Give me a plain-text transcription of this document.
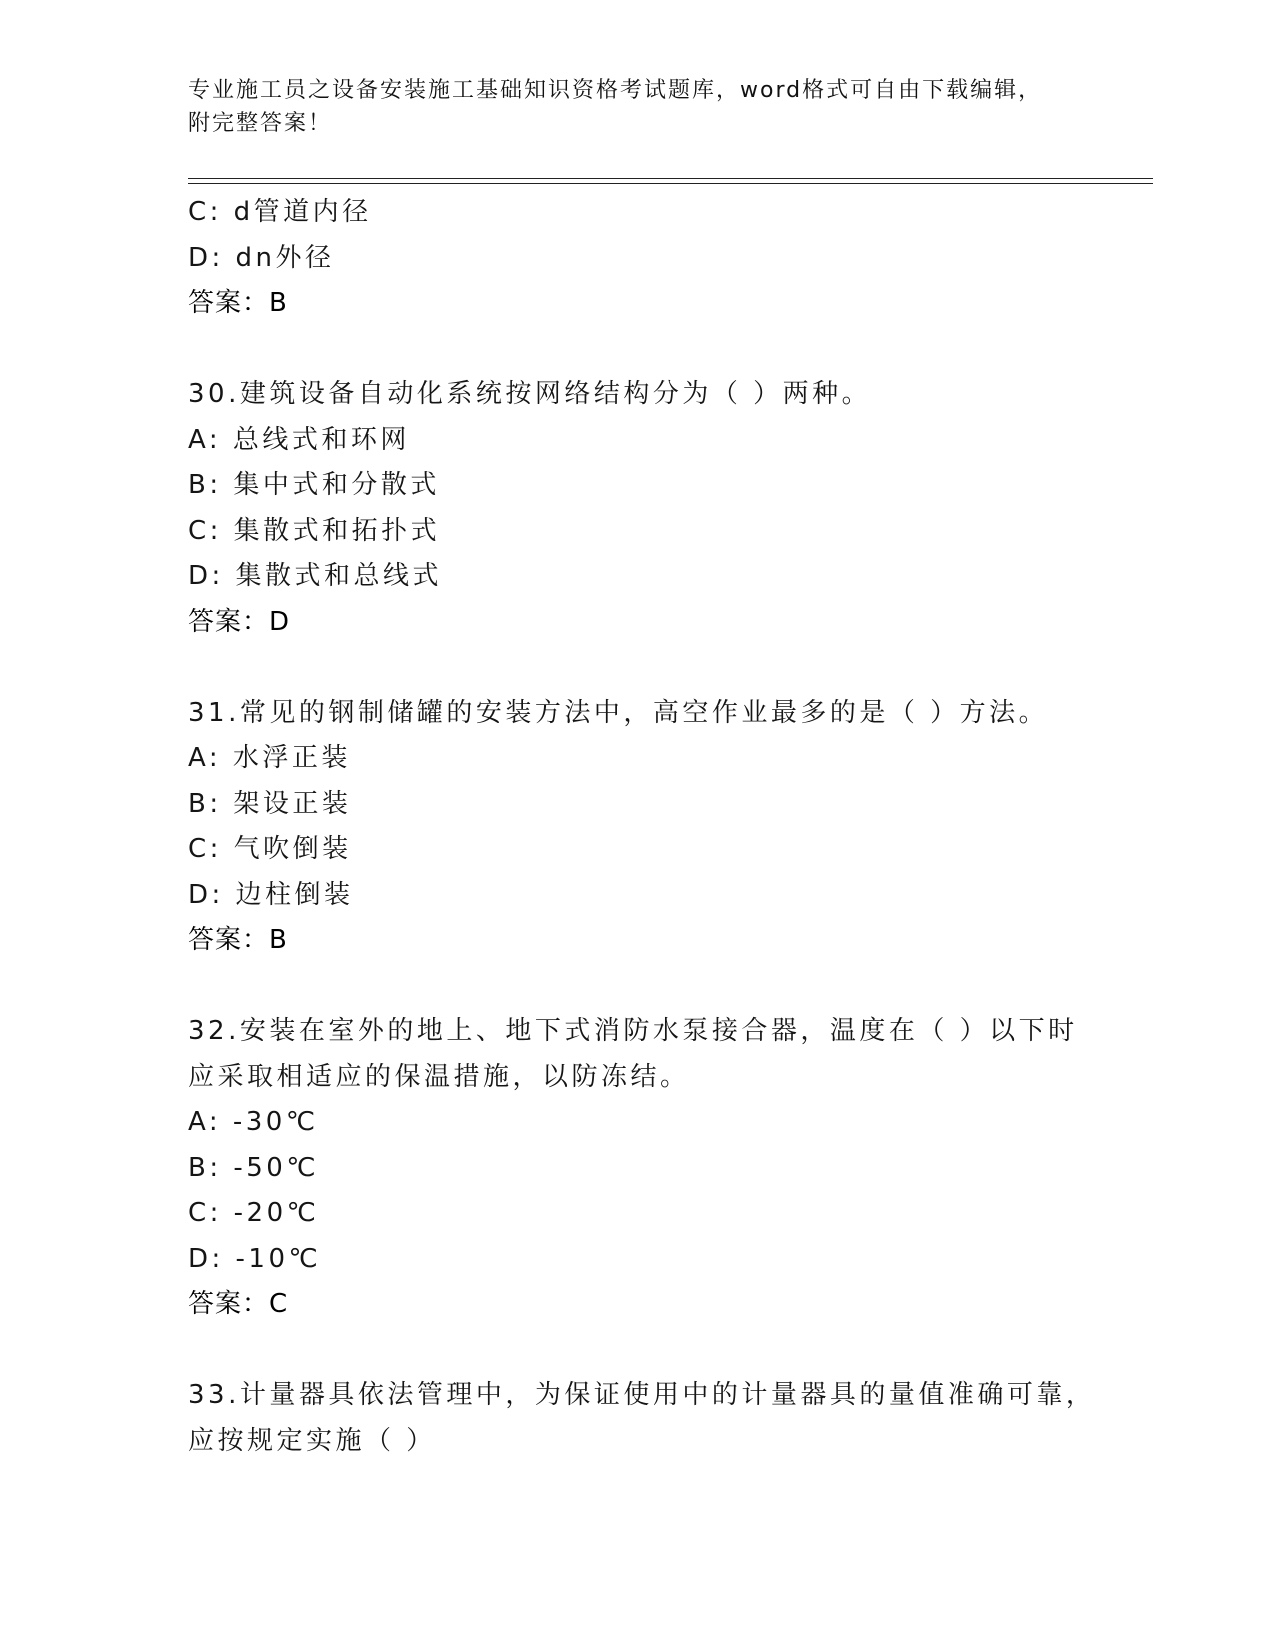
专业施工员之设备安装施工基础知识资格考试题库，word格式可自由下载编辑，
附完整答案！
C: d管道内径
D: dn外径
答案：B
30.建筑设备自动化系统按网络结构分为（ ）两种。
A: 总线式和环网
B: 集中式和分散式
C: 集散式和拓扑式
D: 集散式和总线式
答案：D
31.常见的钢制储罐的安装方法中，高空作业最多的是（ ）方法。
A: 水浮正装
B: 架设正装
C: 气吹倒装
D: 边柱倒装
答案：B
32.安装在室外的地上、地下式消防水泵接合器，温度在（ ）以下时
应采取相适应的保温措施，以防冻结。
A: -30℃
B: -50℃
C: -20℃
D: -10℃
答案：C
33.计量器具依法管理中，为保证使用中的计量器具的量值准确可靠，
应按规定实施（ ）
